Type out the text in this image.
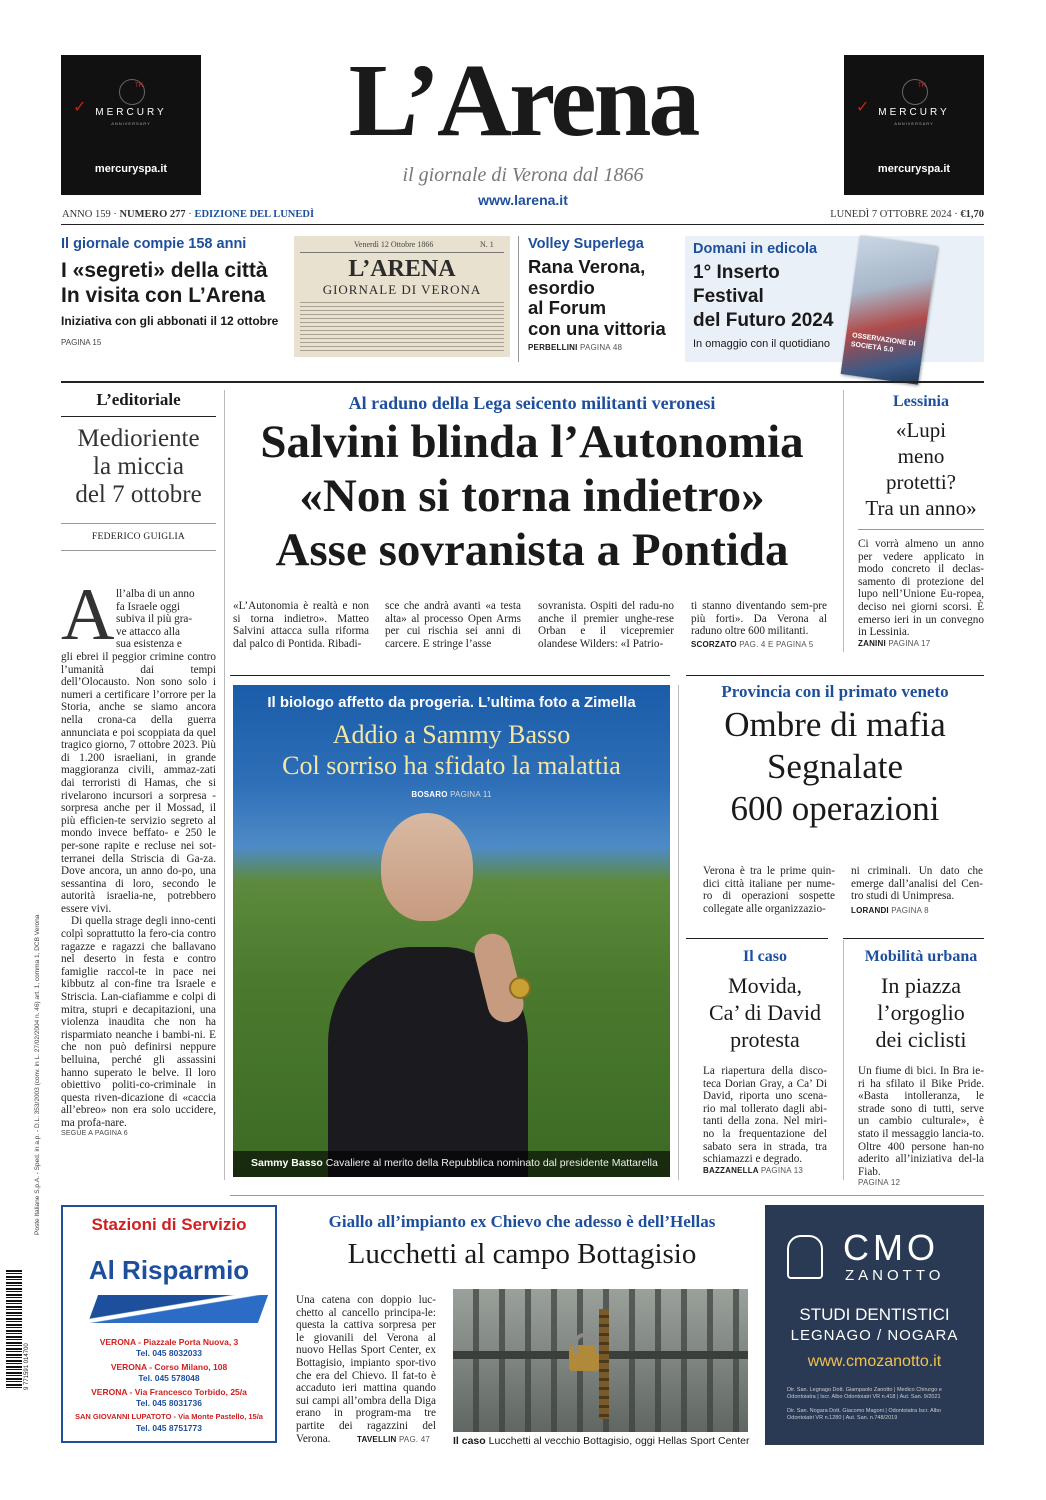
TH
✓ MERCURY
ANNIVERSARY
mercuryspa.it
TH
✓ MERCURY
ANNIVERSARY
mercuryspa.it
L’Arena
il giornale di Verona dal 1866
www.larena.it
ANNO 159 · NUMERO 277 · EDIZIONE DEL LUNEDÌ	LUNEDÌ 7 OTTOBRE 2024 · €1,70
Il giornale compie 158 anni
I «segreti» della città
In visita con L’Arena
Iniziativa con gli abbonati il 12 ottobre
PAGINA 15
Venerdì 12 Ottobre 1866	N. 1
L’ARENA
GIORNALE DI VERONA
Volley Superlega
Rana Verona,
esordio
al Forum
con una vittoria
PERBELLINI PAGINA 48
Domani in edicola
1° Inserto
Festival
del Futuro 2024
In omaggio con il quotidiano	OSSERVAZIONE DI SOCIETÀ 5.0
L’editoriale
Medioriente
la miccia
del 7 ottobre
FEDERICO GUIGLIA
A ll’alba di un anno

fa Israele oggi

subiva il più gra-

ve attacco alla

sua esistenza e

gli ebrei il peggior crimine contro l’umanità dai tempi dell’Olocausto. Non sono solo i numeri a certificare l’orrore per la Storia, anche se siamo ancora nella crona-ca della guerra annunciata e poi scoppiata da quel tragico giorno, 7 ottobre 2023. Più di 1.200 israeliani, in grande maggioranza civili, ammaz-zati dai terroristi di Hamas, che si rivelarono incursori a sorpresa -sorpresa anche per il Mossad, il più efficien-te servizio segreto al mondo invece beffato- e 250 le per-sone rapite e recluse nei sot-terranei della Striscia di Ga-za. Dove ancora, un anno do-po, una sessantina di loro, secondo le autorità israelia-ne, potrebbero essere vivi.

Di quella strage degli inno-centi colpì soprattutto la fero-cia contro ragazze e ragazzi che ballavano nel deserto in festa e contro famiglie raccol-te in pace nei kibbutz al con-fine tra Israele e Striscia. Lan-ciafiamme e colpi di mitra, stupri e decapitazioni, una violenza inaudita che non ha risparmiato neanche i bambi-ni. E che non può definirsi neppure belluina, perché gli assassini hanno superato le belve. Il loro obiettivo politi-co-criminale in questa riven-dicazione di «caccia all’ebreo» non era solo uccidere, ma profa-nare.

SEGUE A PAGINA 6
Poste Italiane S.p.A. - Sped. in a.p. - D.L. 353/2003 (conv. in L. 27/02/2004 n. 46) art. 1, comma 1, DCB Verona
9 771591 014700
Al raduno della Lega seicento militanti veronesi
Salvini blinda l’Autonomia
«Non si torna indietro»
Asse sovranista a Pontida

«L’Autonomia è realtà e non si torna indietro». Matteo Salvini attacca sulla riforma dal palco di Pontida. Ribadi-

sce che andrà avanti «a testa alta» al processo Open Arms per cui rischia sei anni di carcere. E stringe l’asse

sovranista. Ospiti del radu-no anche il premier unghe-rese Orban e il vicepremier olandese Wilders: «I Patrio-

ti stanno diventando sem-pre più forti». Da Verona al raduno oltre 600 militanti.

SCORZATO PAG. 4 E PAGINA 5
Lessinia
«Lupi
meno
protetti?
Tra un anno»

Ci vorrà almeno un anno per vedere applicato in modo concreto il declas-samento di protezione del lupo nell’Unione Eu-ropea, deciso nei giorni scorsi. È emerso ieri in un convegno in Lessinia.

ZANINI PAGINA 17
Il biologo affetto da progeria. L’ultima foto a Zimella
Addio a Sammy Basso
Col sorriso ha sfidato la malattia
BOSARO PAGINA 11
Sammy Basso Cavaliere al merito della Repubblica nominato dal presidente Mattarella
Provincia con il primato veneto
Ombre di mafia
Segnalate
600 operazioni

Verona è tra le prime quin-dici città italiane per nume-ro di operazioni sospette collegate alle organizzazio-

ni criminali. Un dato che emerge dall’analisi del Cen-tro studi di Unimpresa.

LORANDI PAGINA 8
Il caso
Movida,
Ca’ di David
protesta

La riapertura della disco-teca Dorian Gray, a Ca’ Di David, riporta uno scena-rio mal tollerato dagli abi-tanti della zona. Nel miri-no la frequentazione del sabato sera in strada, tra schiamazzi e degrado.

BAZZANELLA PAGINA 13
Mobilità urbana
In piazza
l’orgoglio
dei ciclisti

Un fiume di bici. In Bra ie-ri ha sfilato il Bike Pride. «Basta intolleranza, le strade sono di tutti, serve un cambio culturale», è stato il messaggio lancia-to. Oltre 400 persone han-no aderito all’iniziativa del-la Fiab.

PAGINA 12
Stazioni di Servizio
Al Risparmio
VERONA - Piazzale Porta Nuova, 3
Tel. 045 8032033
VERONA - Corso Milano, 108
Tel. 045 578048
VERONA - Via Francesco Torbido, 25/a
Tel. 045 8031736
SAN GIOVANNI LUPATOTO - Via Monte Pastello, 15/a
Tel. 045 8751773
Giallo all’impianto ex Chievo che adesso è dell’Hellas
Lucchetti al campo Bottagisio

Una catena con doppio luc-chetto al cancello principa-le: questa la cattiva sorpresa per le giovanili del Verona al nuovo Hellas Sport Center, ex Bottagisio, impianto spor-tivo che era del Chievo. Il fat-to è accaduto ieri mattina quando sui campi all’ombra della Diga erano in program-ma tre partite dei ragazzini del Verona.	TAVELLIN PAG. 47 Il caso Lucchetti al vecchio Bottagisio, oggi Hellas Sport Center
CMO
ZANOTTO
STUDI DENTISTICI
LEGNAGO / NOGARA
www.cmozanotto.it
Dir. San. Legnago Dott. Giampaolo Zanotto | Medico Chirurgo e Odontoiatra | Iscr. Albo Odontoiatri VR n.418 | Aut. San. 9/2021
Dir. San. Nogara Dott. Giacomo Magoni | Odontoiatra Iscr. Albo Odontoiatri VR n.1280 | Aut. San. n.748/2019
